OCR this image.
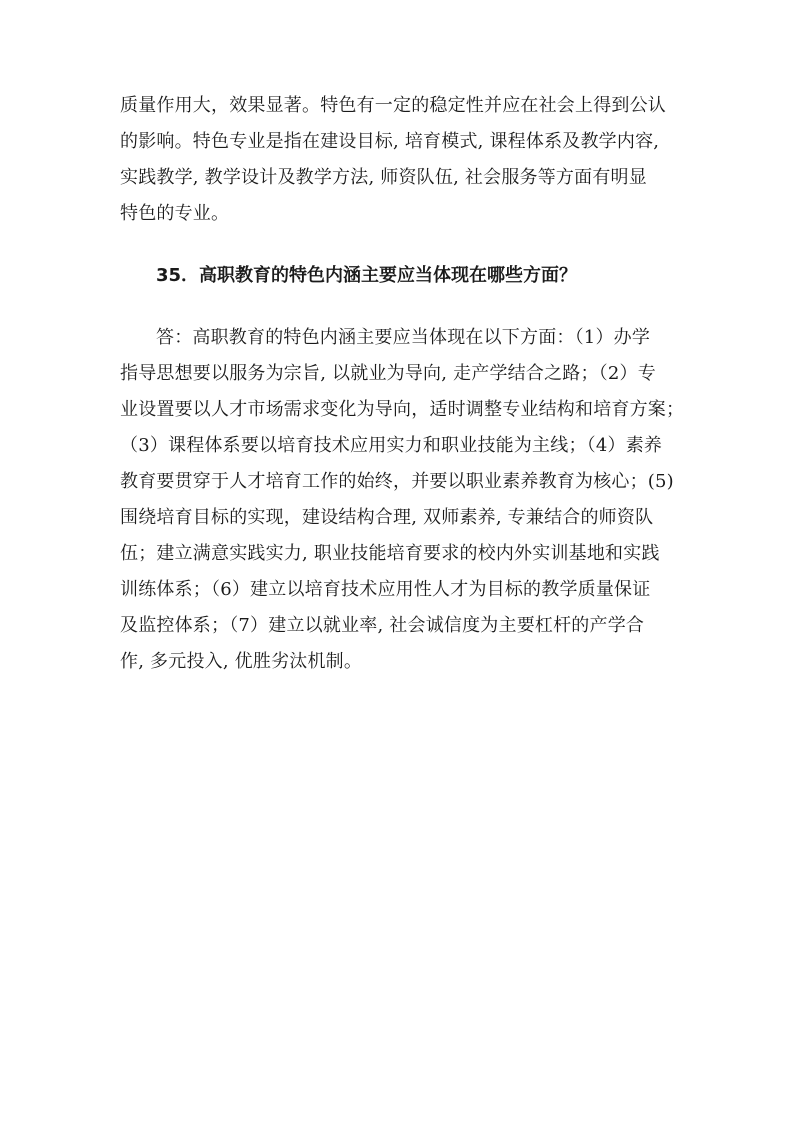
质量作用大，效果显著。特色有一定的稳定性并应在社会上得到公认
的影响。特色专业是指在建设目标, 培育模式, 课程体系及教学内容,
实践教学, 教学设计及教学方法, 师资队伍, 社会服务等方面有明显
特色的专业。
35．高职教育的特色内涵主要应当体现在哪些方面？
答：高职教育的特色内涵主要应当体现在以下方面：（1）办学
指导思想要以服务为宗旨, 以就业为导向, 走产学结合之路；（2）专
业设置要以人才市场需求变化为导向，适时调整专业结构和培育方案；
（3）课程体系要以培育技术应用实力和职业技能为主线；（4）素养
教育要贯穿于人才培育工作的始终，并要以职业素养教育为核心；(5)
围绕培育目标的实现，建设结构合理, 双师素养, 专兼结合的师资队
伍；建立满意实践实力, 职业技能培育要求的校内外实训基地和实践
训练体系；（6）建立以培育技术应用性人才为目标的教学质量保证
及监控体系；（7）建立以就业率, 社会诚信度为主要杠杆的产学合
作, 多元投入, 优胜劣汰机制。
